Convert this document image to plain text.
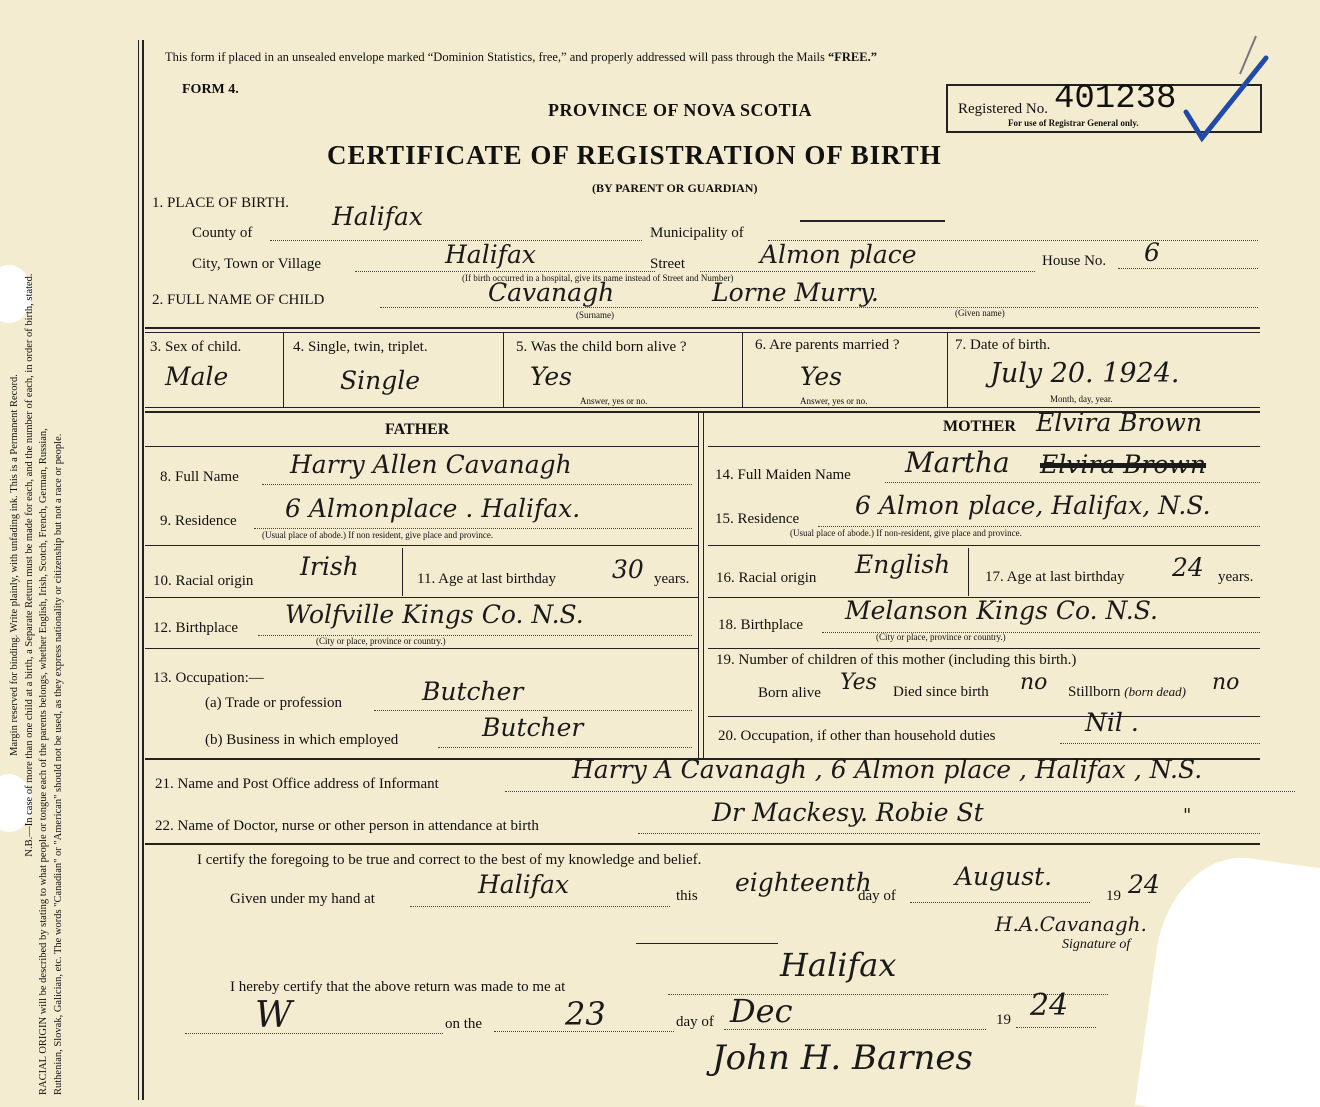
Margin reserved for binding. Write plainly, with unfading ink. This is a Permanent Record. N.B.—In case of more than one child at a birth, a Separate Return must be made for each, and the number of each, in order of birth, stated. RACIAL ORIGIN will be described by stating to what people or tongue each of the parents belongs, whether English, Irish, Scotch, French, German, Russian, Ruthenian, Slovak, Galician, etc. The words "Canadian" or "American" should not be used, as they express nationality or citizenship but not a race or people.
This form if placed in an unsealed envelope marked “Dominion Statistics, free,” and properly addressed will pass through the Mails “FREE.”
FORM 4.
PROVINCE OF NOVA SCOTIA
CERTIFICATE OF REGISTRATION OF BIRTH
(BY PARENT OR GUARDIAN)
Registered No. 401238
For use of Registrar General only.
1. PLACE OF BIRTH.
County of
Halifax
Municipality of
City, Town or Village	Halifax	Street	Almon place	House No. 6
(If birth occurred in a hospital, give its name instead of Street and Number)
2. FULL NAME OF CHILD	Cavanagh	Lorne Murry.
(Surname)	(Given name)
3. Sex of child.
Male
4. Single, twin, triplet.
Single
5. Was the child born alive ?
Yes
Answer, yes or no.
6. Are parents married ?
Yes
Answer, yes or no.
7. Date of birth.
July 20. 1924.
Month, day, year.
FATHER
8. Full Name Harry Allen Cavanagh
9. Residence 6 Almonplace . Halifax.
(Usual place of abode.) If non resident, give place and province.
10. Racial origin Irish	11. Age at last birthday 30 years.
12. Birthplace Wolfville Kings Co. N.S.
(City or place, province or country.)
13. Occupation:—
(a) Trade or profession	Butcher
(b) Business in which employed	Butcher
MOTHER Elvira Brown
14. Full Maiden Name Martha Elvira Brown
15. Residence 6 Almon place, Halifax, N.S.
(Usual place of abode.) If non-resident, give place and province.
16. Racial origin English 17. Age at last birthday 24 years.
18. Birthplace Melanson Kings Co. N.S.
(City or place, province or country.)
19. Number of children of this mother (including this birth.)
Born alive Yes Died since birth no Stillborn (born dead) no
20. Occupation, if other than household duties	Nil .
21. Name and Post Office address of Informant	Harry A Cavanagh , 6 Almon place , Halifax , N.S.
22. Name of Doctor, nurse or other person in attendance at birth	Dr Mackesy. Robie St	"
I certify the foregoing to be true and correct to the best of my knowledge and belief.
Given under my hand at	Halifax	this eighteenth
day of
August.
19 24
H.A.Cavanagh.
Signature of
I hereby certify that the above return was made to me at
Halifax
W	on the	23	day of Dec	19 24
John H. Barnes
